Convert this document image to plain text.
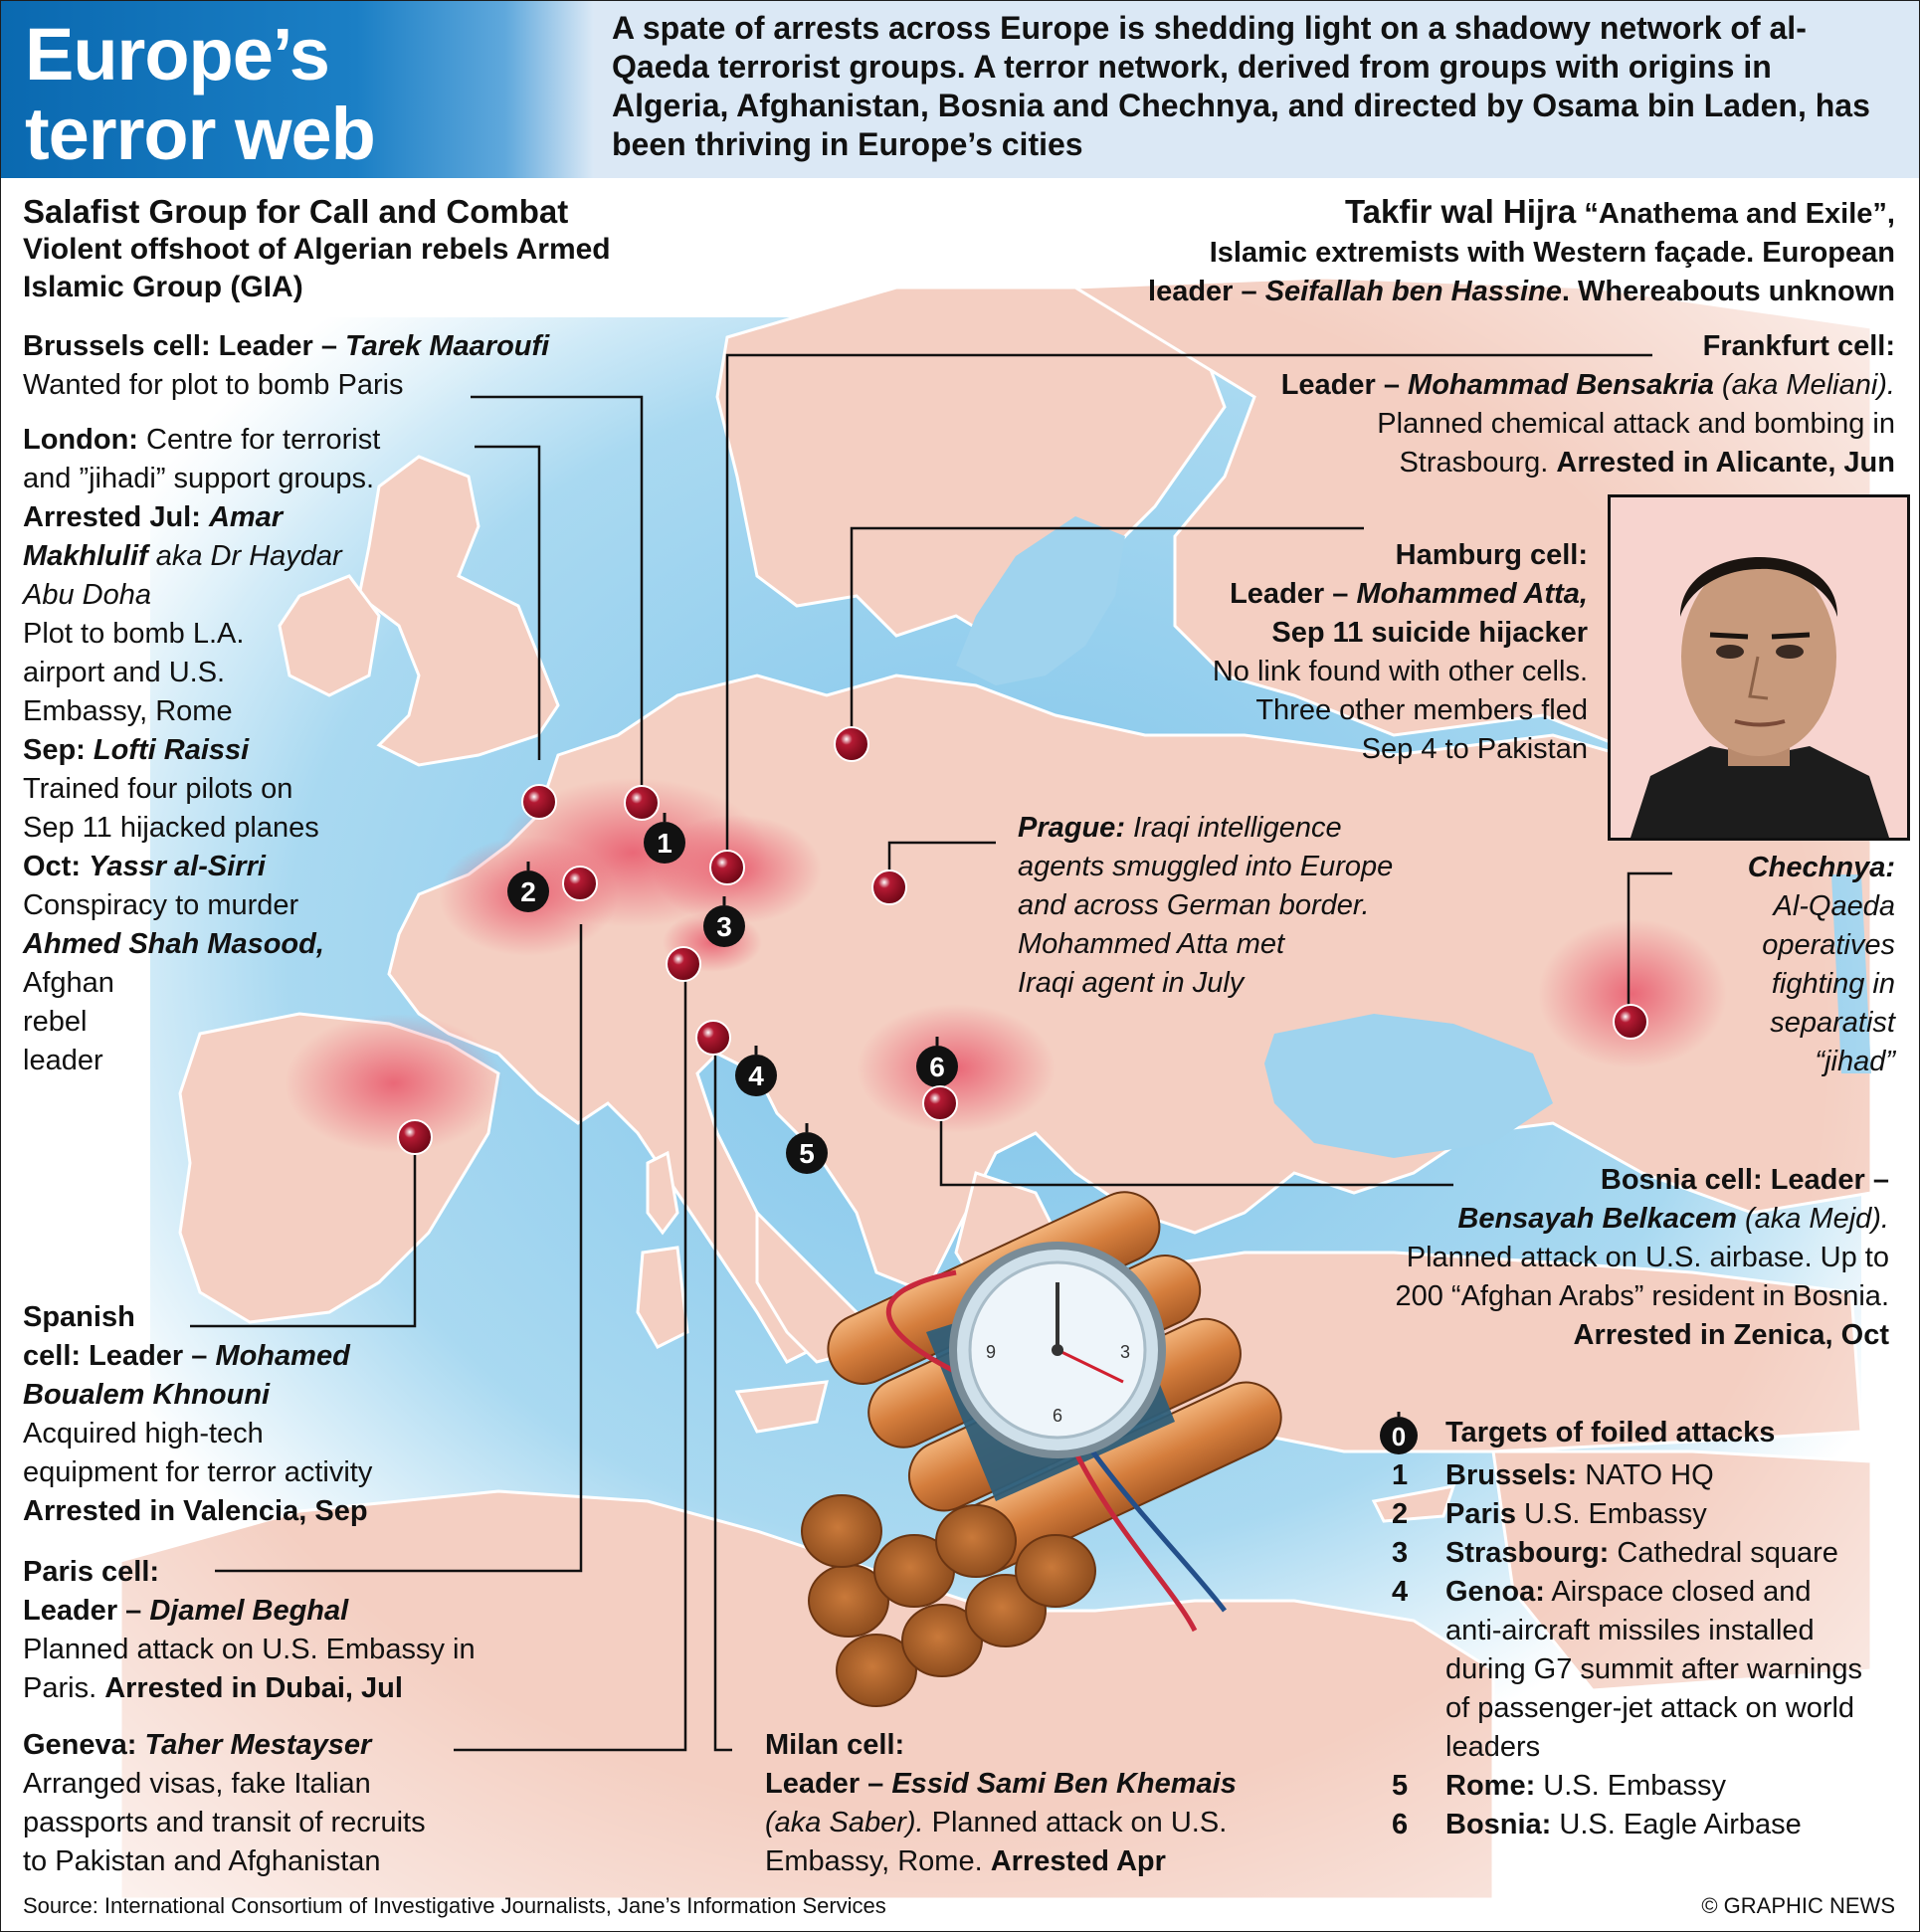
1
2
3
4
5
6
9	3
6
Europe’s
terror web

A spate of arrests across Europe is shedding light on a shadowy network of al-Qaeda terrorist groups. A terror network, derived from groups with origins in Algeria, Afghanistan, Bosnia and Chechnya, and directed by Osama bin Laden, has been thriving in Europe’s cities

Salafist Group for Call and Combat
Violent offshoot of Algerian rebels Armed Islamic Group (GIA)
Takfir wal Hijra “Anathema and Exile”,
Islamic extremists with Western façade. European
leader – Seifallah ben Hassine. Whereabouts unknown
Brussels cell: Leader – Tarek Maaroufi
Wanted for plot to bomb Paris
London: Centre for terrorist
and ”jihadi” support groups.
Arrested Jul: Amar
Makhlulif aka Dr Haydar
Abu Doha
Plot to bomb L.A.
airport and U.S.
Embassy, Rome
Sep: Lofti Raissi
Trained four pilots on
Sep 11 hijacked planes
Oct: Yassr al-Sirri
Conspiracy to murder
Ahmed Shah Masood,
Afghan
rebel
leader
Frankfurt cell:
Leader – Mohammad Bensakria (aka Meliani).
Planned chemical attack and bombing in
Strasbourg. Arrested in Alicante, Jun
Hamburg cell:
Leader – Mohammed Atta,
Sep 11 suicide hijacker
No link found with other cells.
Three other members fled
Sep 4 to Pakistan
Prague: Iraqi intelligence
agents smuggled into Europe
and across German border.
Mohammed Atta met
Iraqi agent in July
Chechnya:
Al-Qaeda
operatives
fighting in
separatist
“jihad”
Bosnia cell: Leader –
Bensayah Belkacem (aka Mejd).
Planned attack on U.S. airbase. Up to
200 “Afghan Arabs” resident in Bosnia.
Arrested in Zenica, Oct
Spanish
cell: Leader – Mohamed
Boualem Khnouni
Acquired high-tech
equipment for terror activity
Arrested in Valencia, Sep
Paris cell:
Leader – Djamel Beghal
Planned attack on U.S. Embassy in
Paris. Arrested in Dubai, Jul
Geneva: Taher Mestayser
Arranged visas, fake Italian
passports and transit of recruits
to Pakistan and Afghanistan
Milan cell:
Leader – Essid Sami Ben Khemais
(aka Saber). Planned attack on U.S.
Embassy, Rome. Arrested Apr
0 Targets of foiled attacks
1 Brussels: NATO HQ
2 Paris U.S. Embassy
3 Strasbourg: Cathedral square
4 Genoa: Airspace closed and anti-aircraft missiles installed during G7 summit after warnings of passenger-jet attack on world leaders
5 Rome: U.S. Embassy
6 Bosnia: U.S. Eagle Airbase
Source: International Consortium of Investigative Journalists, Jane’s Information Services	© GRAPHIC NEWS
